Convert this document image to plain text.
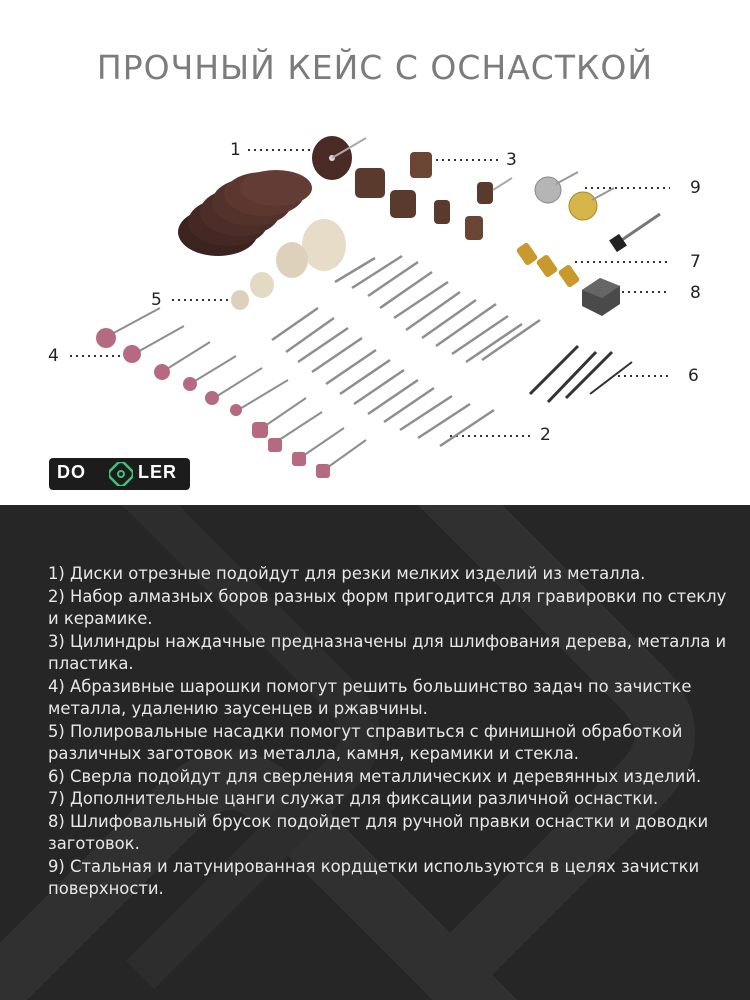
ПРОЧНЫЙ КЕЙС С ОСНАСТКОЙ
1
2
3
4
5
6
7
8
9
DO	LER
1) Диски отрезные подойдут для резки мелких изделий из металла.
2) Набор алмазных боров разных форм пригодится для гравировки по стеклу и керамике.
3) Цилиндры наждачные предназначены для шлифования дерева, металла и пластика.
4) Абразивные шарошки помогут решить большинство задач по зачистке металла, удалению заусенцев и ржавчины.
5) Полировальные насадки помогут справиться с финишной обработкой различных заготовок из металла, камня, керамики и стекла.
6) Сверла подойдут для сверления металлических и деревянных изделий.
7) Дополнительные цанги служат для фиксации различной оснастки.
8) Шлифовальный брусок подойдет для ручной правки оснастки и доводки заготовок.
9) Стальная и латунированная кордщетки используются в целях зачистки поверхности.
